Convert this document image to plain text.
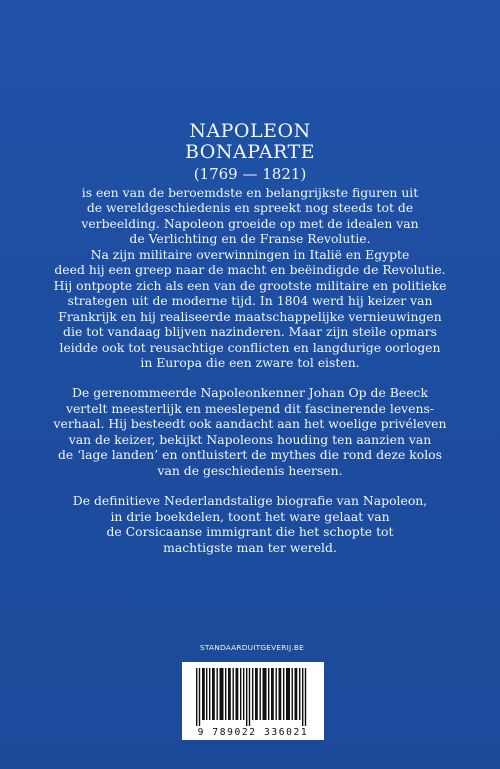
NAPOLEON
BONAPARTE
(1769 — 1821)
is een van de beroemdste en belangrijkste figuren uit
de wereldgeschiedenis en spreekt nog steeds tot de
verbeelding. Napoleon groeide op met de idealen van
de Verlichting en de Franse Revolutie.
Na zijn militaire overwinningen in Italië en Egypte
deed hij een greep naar de macht en beëindigde de Revolutie.
Hij ontpopte zich als een van de grootste militaire en politieke
strategen uit de moderne tijd. In 1804 werd hij keizer van
Frankrijk en hij realiseerde maatschappelijke vernieuwingen
die tot vandaag blijven nazinderen. Maar zijn steile opmars
leidde ook tot reusachtige conflicten en langdurige oorlogen
in Europa die een zware tol eisten.
De gerenommeerde Napoleonkenner Johan Op de Beeck
vertelt meesterlijk en meeslepend dit fascinerende levens-
verhaal. Hij besteedt ook aandacht aan het woelige privéleven
van de keizer, bekijkt Napoleons houding ten aanzien van
de ‘lage landen’ en ontluistert de mythes die rond deze kolos
van de geschiedenis heersen.
De definitieve Nederlandstalige biografie van Napoleon,
in drie boekdelen, toont het ware gelaat van
de Corsicaanse immigrant die het schopte tot
machtigste man ter wereld.
STANDAARDUITGEVERIJ.BE
9 789022 336021
